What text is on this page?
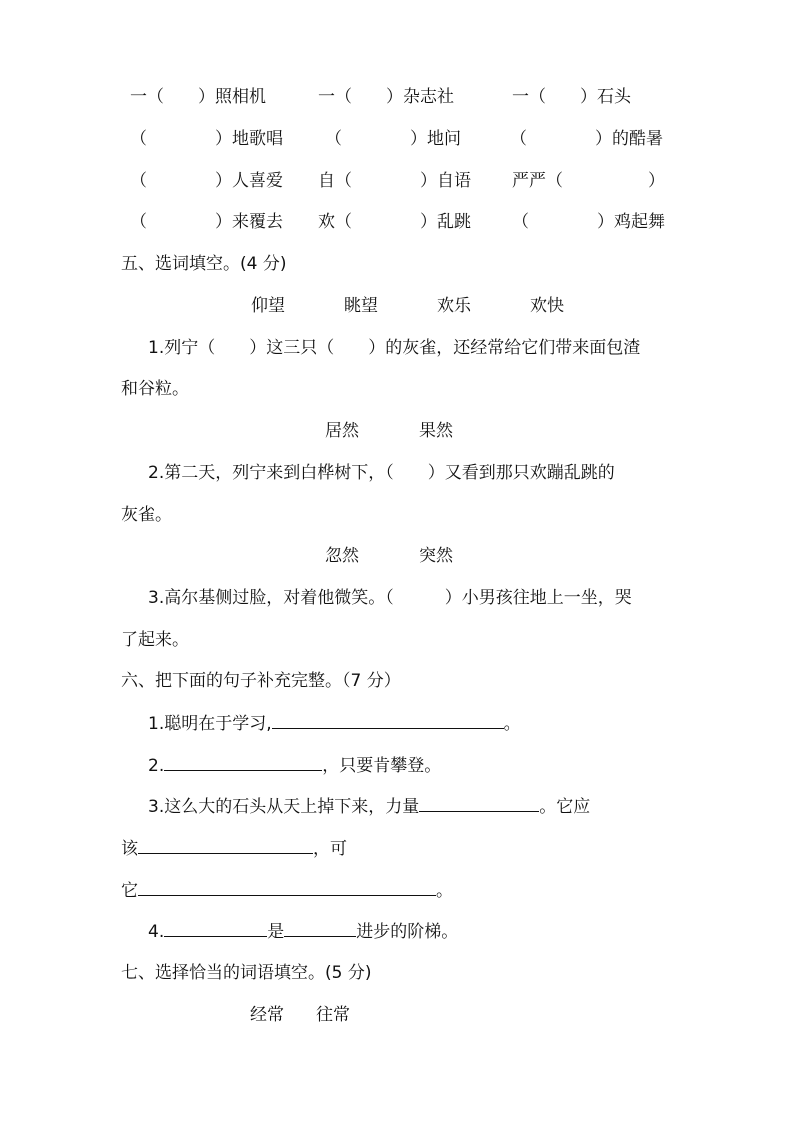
一（　　）照相机	一（　　）杂志社	一（　　）石头
（　　　　）地歌唱 （　　　　）地问	（　　　　）的酷暑
（　　　　）人喜爱 自（　　　　）自语 严严（　　　　　）
（　　　　）来覆去 欢（　　　　）乱跳 （　　　　）鸡起舞
五、选词填空。(4 分)
仰望	眺望	欢乐	欢快
1.列宁（　　）这三只（　　）的灰雀，还经常给它们带来面包渣
和谷粒。
居然	果然
2.第二天，列宁来到白桦树下，（　　）又看到那只欢蹦乱跳的
灰雀。
忽然	突然
3.高尔基侧过脸，对着他微笑。（　　　）小男孩往地上一坐，哭
了起来。
六、把下面的句子补充完整。（7 分）
1.聪明在于学习,	。
2.	，只要肯攀登。
3.这么大的石头从天上掉下来，力量	。它应
该	，可
它	。
4.	是	进步的阶梯。
七、选择恰当的词语填空。(5 分)
经常 往常
